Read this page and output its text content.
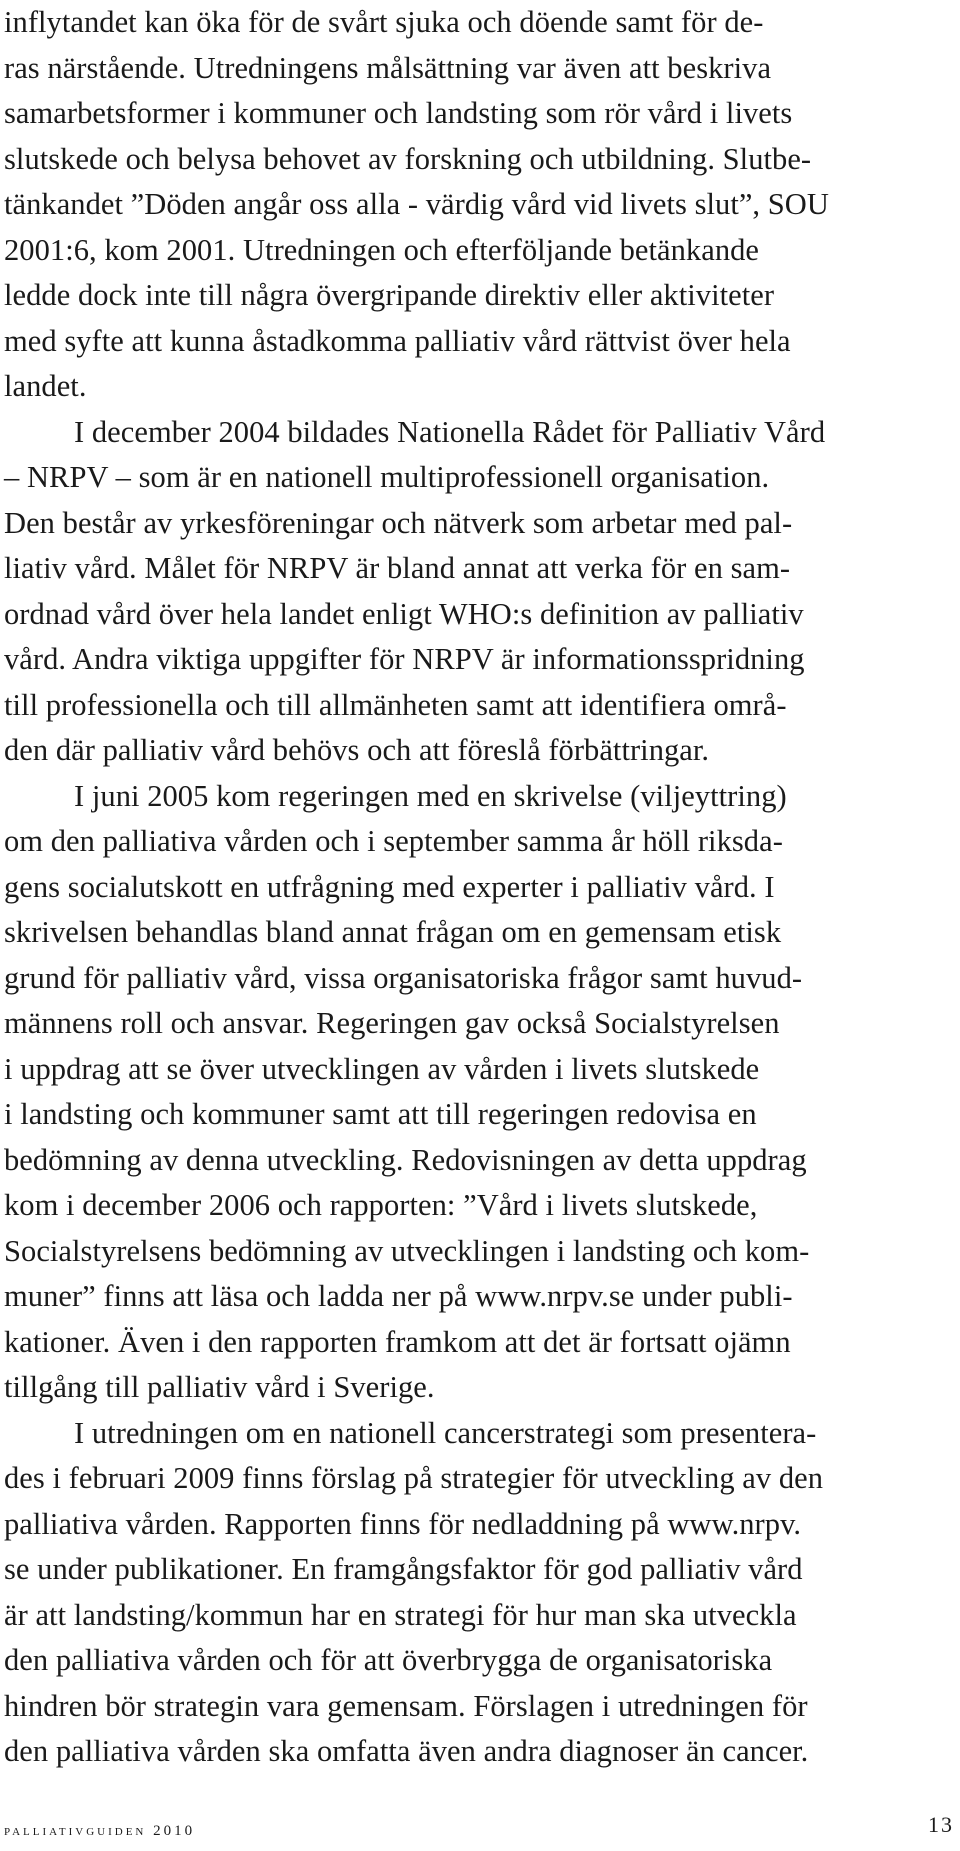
inflytandet kan öka för de svårt sjuka och döende samt för de-
ras närstående. Utredningens målsättning var även att beskriva
samarbetsformer i kommuner och landsting som rör vård i livets
slutskede och belysa behovet av forskning och utbildning. Slutbe-
tänkandet ”Döden angår oss alla - värdig vård vid livets slut”, SOU
2001:6, kom 2001. Utredningen och efterföljande betänkande
ledde dock inte till några övergripande direktiv eller aktiviteter
med syfte att kunna åstadkomma palliativ vård rättvist över hela
landet.
I december 2004 bildades Nationella Rådet för Palliativ Vård
– NRPV – som är en nationell multiprofessionell organisation.
Den består av yrkesföreningar och nätverk som arbetar med pal-
liativ vård. Målet för NRPV är bland annat att verka för en sam-
ordnad vård över hela landet enligt WHO:s definition av palliativ
vård. Andra viktiga uppgifter för NRPV är informationsspridning
till professionella och till allmänheten samt att identifiera områ-
den där palliativ vård behövs och att föreslå förbättringar.
I juni 2005 kom regeringen med en skrivelse (viljeyttring)
om den palliativa vården och i september samma år höll riksda-
gens socialutskott en utfrågning med experter i palliativ vård. I
skrivelsen behandlas bland annat frågan om en gemensam etisk
grund för palliativ vård, vissa organisatoriska frågor samt huvud-
männens roll och ansvar. Regeringen gav också Socialstyrelsen
i uppdrag att se över utvecklingen av vården i livets slutskede
i landsting och kommuner samt att till regeringen redovisa en
bedömning av denna utveckling. Redovisningen av detta uppdrag
kom i december 2006 och rapporten: ”Vård i livets slutskede,
Socialstyrelsens bedömning av utvecklingen i landsting och kom-
muner” finns att läsa och ladda ner på www.nrpv.se under publi-
kationer. Även i den rapporten framkom att det är fortsatt ojämn
tillgång till palliativ vård i Sverige.
I utredningen om en nationell cancerstrategi som presentera-
des i februari 2009 finns förslag på strategier för utveckling av den
palliativa vården. Rapporten finns för nedladdning på www.nrpv.
se under publikationer. En framgångsfaktor för god palliativ vård
är att landsting/kommun har en strategi för hur man ska utveckla
den palliativa vården och för att överbrygga de organisatoriska
hindren bör strategin vara gemensam. Förslagen i utredningen för
den palliativa vården ska omfatta även andra diagnoser än cancer.
palliativguiden 2010	13
